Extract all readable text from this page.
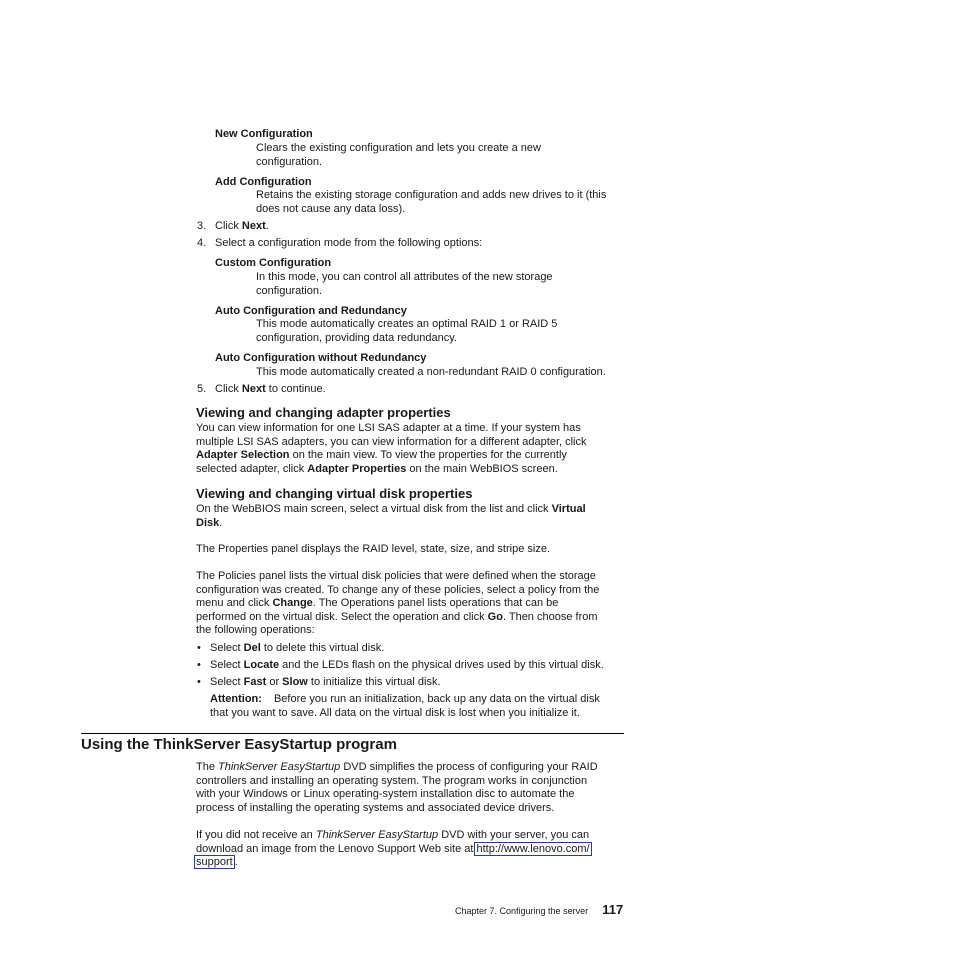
New Configuration
Clears the existing configuration and lets you create a new
configuration.
Add Configuration
Retains the existing storage configuration and adds new drives to it (this
does not cause any data loss).
3. Click Next.
4. Select a configuration mode from the following options:
Custom Configuration
In this mode, you can control all attributes of the new storage
configuration.
Auto Configuration and Redundancy
This mode automatically creates an optimal RAID 1 or RAID 5
configuration, providing data redundancy.
Auto Configuration without Redundancy
This mode automatically created a non-redundant RAID 0 configuration.
5. Click Next to continue.
Viewing and changing adapter properties
You can view information for one LSI SAS adapter at a time. If your system has
multiple LSI SAS adapters, you can view information for a different adapter, click
Adapter Selection on the main view. To view the properties for the currently
selected adapter, click Adapter Properties on the main WebBIOS screen.
Viewing and changing virtual disk properties
On the WebBIOS main screen, select a virtual disk from the list and click Virtual
Disk.
The Properties panel displays the RAID level, state, size, and stripe size.
The Policies panel lists the virtual disk policies that were defined when the storage
configuration was created. To change any of these policies, select a policy from the
menu and click Change. The Operations panel lists operations that can be
performed on the virtual disk. Select the operation and click Go. Then choose from
the following operations:
• Select Del to delete this virtual disk.
• Select Locate and the LEDs flash on the physical drives used by this virtual disk.
• Select Fast or Slow to initialize this virtual disk.
Attention: Before you run an initialization, back up any data on the virtual disk
that you want to save. All data on the virtual disk is lost when you initialize it.
Using the ThinkServer EasyStartup program
The ThinkServer EasyStartup DVD simplifies the process of configuring your RAID
controllers and installing an operating system. The program works in conjunction
with your Windows or Linux operating-system installation disc to automate the
process of installing the operating systems and associated device drivers.
If you did not receive an ThinkServer EasyStartup DVD with your server, you can
download an image from the Lenovo Support Web site at http://www.lenovo.com/
support .
Chapter 7. Configuring the server 117
